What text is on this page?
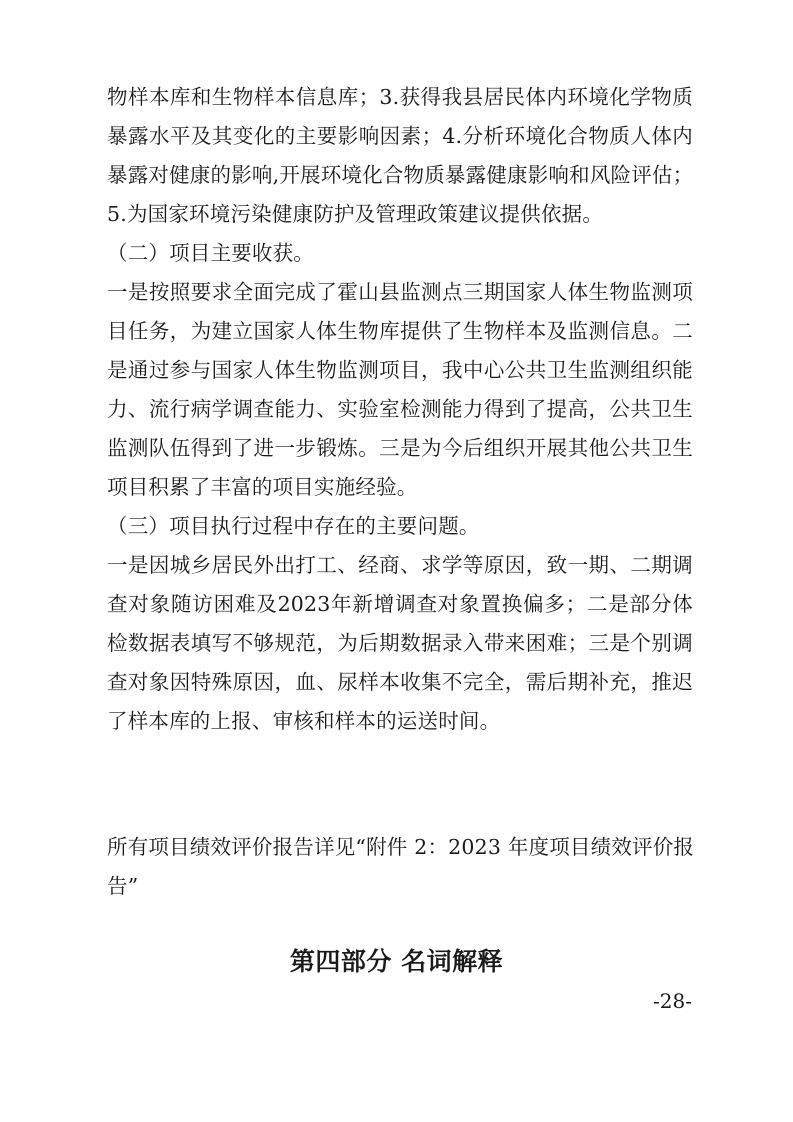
物样本库和生物样本信息库；3.获得我县居民体内环境化学物质
暴露水平及其变化的主要影响因素；4.分析环境化合物质人体内
暴露对健康的影响,开展环境化合物质暴露健康影响和风险评估；
5.为国家环境污染健康防护及管理政策建议提供依据。
（二）项目主要收获。
一是按照要求全面完成了霍山县监测点三期国家人体生物监测项
目任务，为建立国家人体生物库提供了生物样本及监测信息。二
是通过参与国家人体生物监测项目，我中心公共卫生监测组织能
力、流行病学调查能力、实验室检测能力得到了提高，公共卫生
监测队伍得到了进一步锻炼。三是为今后组织开展其他公共卫生
项目积累了丰富的项目实施经验。
（三）项目执行过程中存在的主要问题。
一是因城乡居民外出打工、经商、求学等原因，致一期、二期调
查对象随访困难及2023年新增调查对象置换偏多；二是部分体
检数据表填写不够规范，为后期数据录入带来困难；三是个别调
查对象因特殊原因，血、尿样本收集不完全，需后期补充，推迟
了样本库的上报、审核和样本的运送时间。
所有项目绩效评价报告详见“附件 2：2023 年度项目绩效评价报
告”
第四部分 名词解释
-28-
